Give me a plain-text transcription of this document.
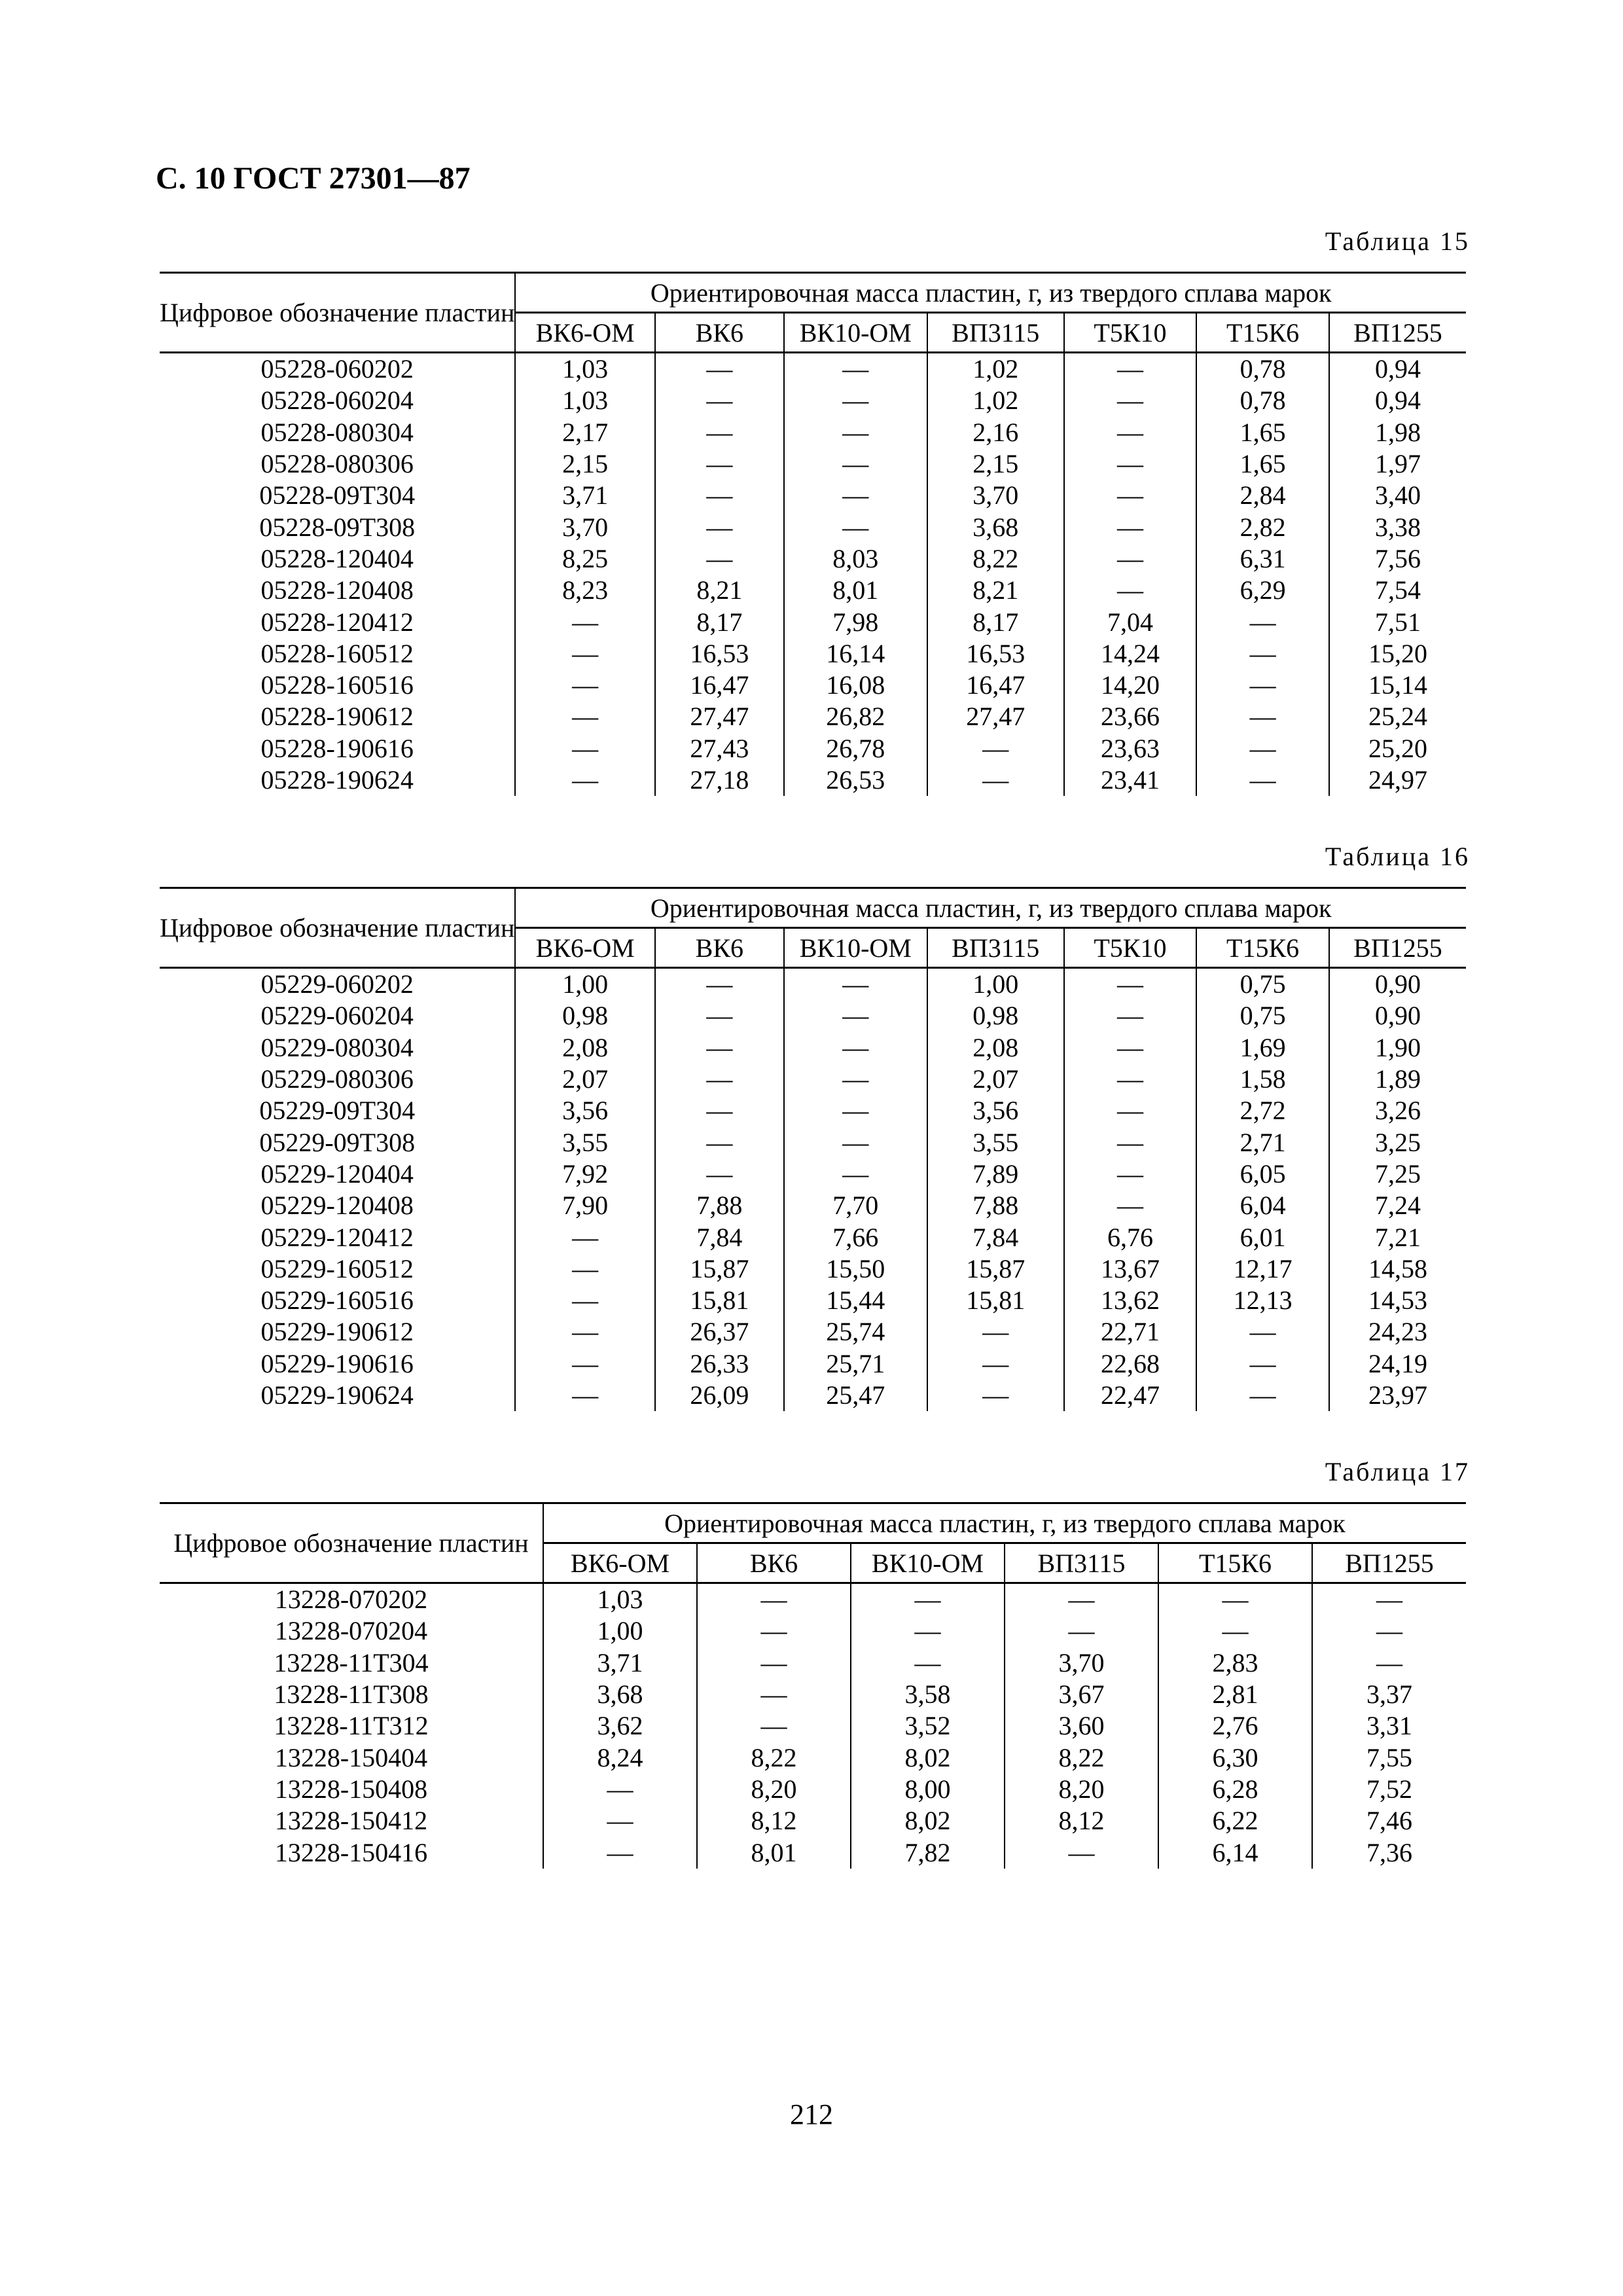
С. 10 ГОСТ 27301—87
Таблица 15
Цифровое обозначение пластин	Ориентировочная масса пластин, г, из твердого сплава марок						
	ВК6-ОМ	ВК6	ВК10-ОМ	ВП3115	Т5К10	Т15К6	ВП1255
05228-060202	1,03	—	—	1,02	—	0,78	0,94
05228-060204	1,03	—	—	1,02	—	0,78	0,94
05228-080304	2,17	—	—	2,16	—	1,65	1,98
05228-080306	2,15	—	—	2,15	—	1,65	1,97
05228-09Т304	3,71	—	—	3,70	—	2,84	3,40
05228-09Т308	3,70	—	—	3,68	—	2,82	3,38
05228-120404	8,25	—	8,03	8,22	—	6,31	7,56
05228-120408	8,23	8,21	8,01	8,21	—	6,29	7,54
05228-120412	—	8,17	7,98	8,17	7,04	—	7,51
05228-160512	—	16,53	16,14	16,53	14,24	—	15,20
05228-160516	—	16,47	16,08	16,47	14,20	—	15,14
05228-190612	—	27,47	26,82	27,47	23,66	—	25,24
05228-190616	—	27,43	26,78	—	23,63	—	25,20
05228-190624	—	27,18	26,53	—	23,41	—	24,97
Таблица 16
Цифровое обозначение пластин	Ориентировочная масса пластин, г, из твердого сплава марок						
	ВК6-ОМ	ВК6	ВК10-ОМ	ВП3115	Т5К10	Т15К6	ВП1255
05229-060202	1,00	—	—	1,00	—	0,75	0,90
05229-060204	0,98	—	—	0,98	—	0,75	0,90
05229-080304	2,08	—	—	2,08	—	1,69	1,90
05229-080306	2,07	—	—	2,07	—	1,58	1,89
05229-09Т304	3,56	—	—	3,56	—	2,72	3,26
05229-09Т308	3,55	—	—	3,55	—	2,71	3,25
05229-120404	7,92	—	—	7,89	—	6,05	7,25
05229-120408	7,90	7,88	7,70	7,88	—	6,04	7,24
05229-120412	—	7,84	7,66	7,84	6,76	6,01	7,21
05229-160512	—	15,87	15,50	15,87	13,67	12,17	14,58
05229-160516	—	15,81	15,44	15,81	13,62	12,13	14,53
05229-190612	—	26,37	25,74	—	22,71	—	24,23
05229-190616	—	26,33	25,71	—	22,68	—	24,19
05229-190624	—	26,09	25,47	—	22,47	—	23,97
Таблица 17
Цифровое обозначение пластин	Ориентировочная масса пластин, г, из твердого сплава марок					
	ВК6-ОМ	ВК6	ВК10-ОМ	ВП3115	Т15К6	ВП1255
13228-070202	1,03	—	—	—	—	—
13228-070204	1,00	—	—	—	—	—
13228-11Т304	3,71	—	—	3,70	2,83	—
13228-11Т308	3,68	—	3,58	3,67	2,81	3,37
13228-11Т312	3,62	—	3,52	3,60	2,76	3,31
13228-150404	8,24	8,22	8,02	8,22	6,30	7,55
13228-150408	—	8,20	8,00	8,20	6,28	7,52
13228-150412	—	8,12	8,02	8,12	6,22	7,46
13228-150416	—	8,01	7,82	—	6,14	7,36
212
